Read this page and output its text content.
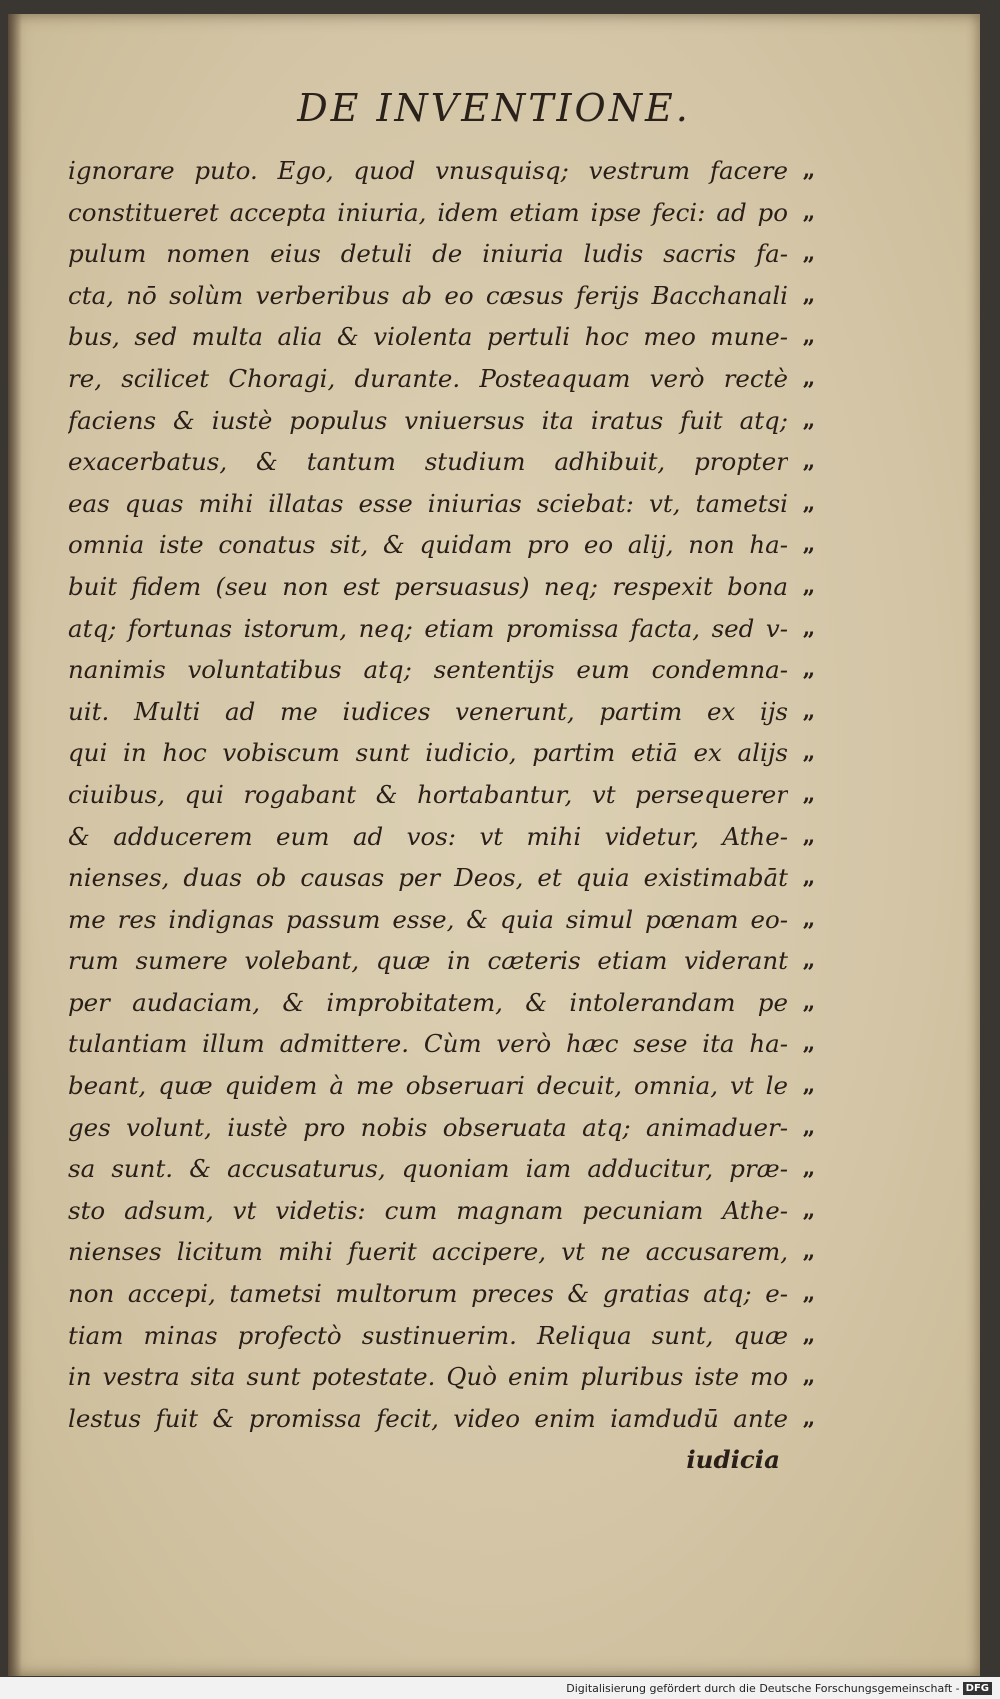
DE INVENTIONE.
ignorare puto. Ego, quod vnusquisq; vestrum facere
constitueret accepta iniuria, idem etiam ipse feci: ad po
pulum nomen eius detuli de iniuria ludis sacris fa-
cta, nō solùm verberibus ab eo cæsus ferijs Bacchanali
bus, sed multa alia & violenta pertuli hoc meo mune-
re, scilicet Choragi, durante. Posteaquam verò rectè
faciens & iustè populus vniuersus ita iratus fuit atq;
exacerbatus, & tantum studium adhibuit, propter
eas quas mihi illatas esse iniurias sciebat: vt, tametsi
omnia iste conatus sit, & quidam pro eo alij, non ha-
buit fidem (seu non est persuasus) neq; respexit bona
atq; fortunas istorum, neq; etiam promissa facta, sed v-
nanimis voluntatibus atq; sententijs eum condemna-
uit. Multi ad me iudices venerunt, partim ex ijs
qui in hoc vobiscum sunt iudicio, partim etiā ex alijs
ciuibus, qui rogabant & hortabantur, vt persequerer
& adducerem eum ad vos: vt mihi videtur, Athe-
nienses, duas ob causas per Deos, et quia existimabāt
me res indignas passum esse, & quia simul pœnam eo-
rum sumere volebant, quæ in cæteris etiam viderant
per audaciam, & improbitatem, & intolerandam pe
tulantiam illum admittere. Cùm verò hæc sese ita ha-
beant, quæ quidem à me obseruari decuit, omnia, vt le
ges volunt, iustè pro nobis obseruata atq; animaduer-
sa sunt. & accusaturus, quoniam iam adducitur, præ-
sto adsum, vt videtis: cum magnam pecuniam Athe-
nienses licitum mihi fuerit accipere, vt ne accusarem,
non accepi, tametsi multorum preces & gratias atq; e-
tiam minas profectò sustinuerim. Reliqua sunt, quæ
in vestra sita sunt potestate. Quò enim pluribus iste mo
lestus fuit & promissa fecit, video enim iamdudū ante
iudicia
„
„
„
„
„
„
„
„
„
„
„
„
„
„
„
„
„
„
„
„
„
„
„
„
„
„
„
„
„
„
„
Digitalisierung gefördert durch die Deutsche Forschungsgemeinschaft - DFG
